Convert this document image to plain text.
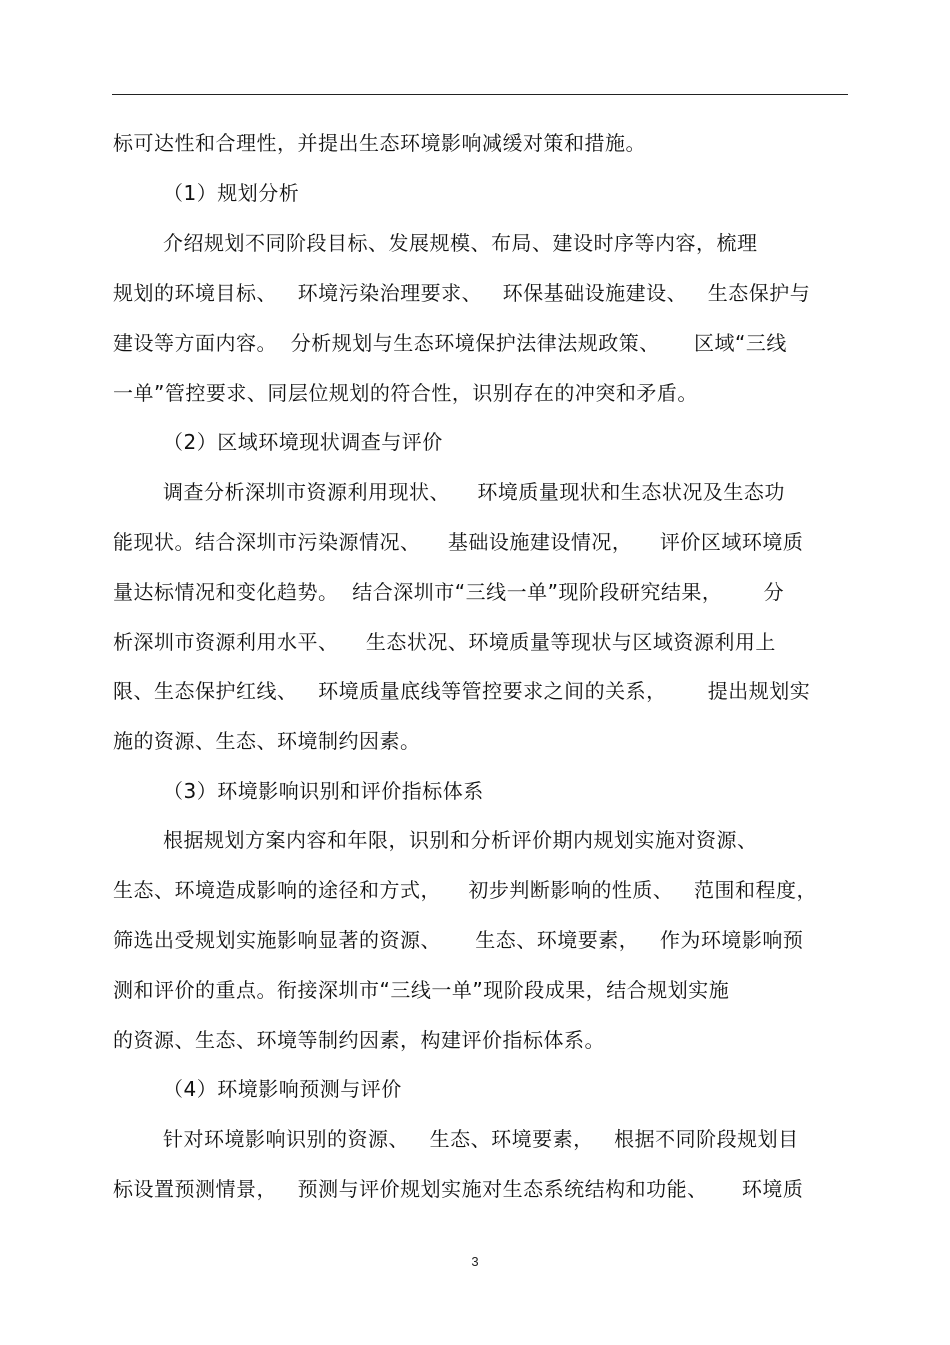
标可达性和合理性，并提出生态环境影响减缓对策和措施。
（1）规划分析
介绍规划不同阶段目标、发展规模、布局、建设时序等内容，梳理
规划的环境目标、   环境污染治理要求、   环保基础设施建设、   生态保护与
建设等方面内容。  分析规划与生态环境保护法律法规政策、     区域“三线
一单”管控要求、同层位规划的符合性，识别存在的冲突和矛盾。
（2）区域环境现状调查与评价
调查分析深圳市资源利用现状、    环境质量现状和生态状况及生态功
能现状。结合深圳市污染源情况、    基础设施建设情况，    评价区域环境质
量达标情况和变化趋势。  结合深圳市“三线一单”现阶段研究结果，      分
析深圳市资源利用水平、    生态状况、环境质量等现状与区域资源利用上
限、生态保护红线、   环境质量底线等管控要求之间的关系，      提出规划实
施的资源、生态、环境制约因素。
（3）环境影响识别和评价指标体系
根据规划方案内容和年限，识别和分析评价期内规划实施对资源、
生态、环境造成影响的途径和方式，    初步判断影响的性质、   范围和程度，
筛选出受规划实施影响显著的资源、     生态、环境要素，   作为环境影响预
测和评价的重点。衔接深圳市“三线一单”现阶段成果，结合规划实施
的资源、生态、环境等制约因素，构建评价指标体系。
（4）环境影响预测与评价
针对环境影响识别的资源、   生态、环境要素，   根据不同阶段规划目
标设置预测情景，   预测与评价规划实施对生态系统结构和功能、     环境质
3
